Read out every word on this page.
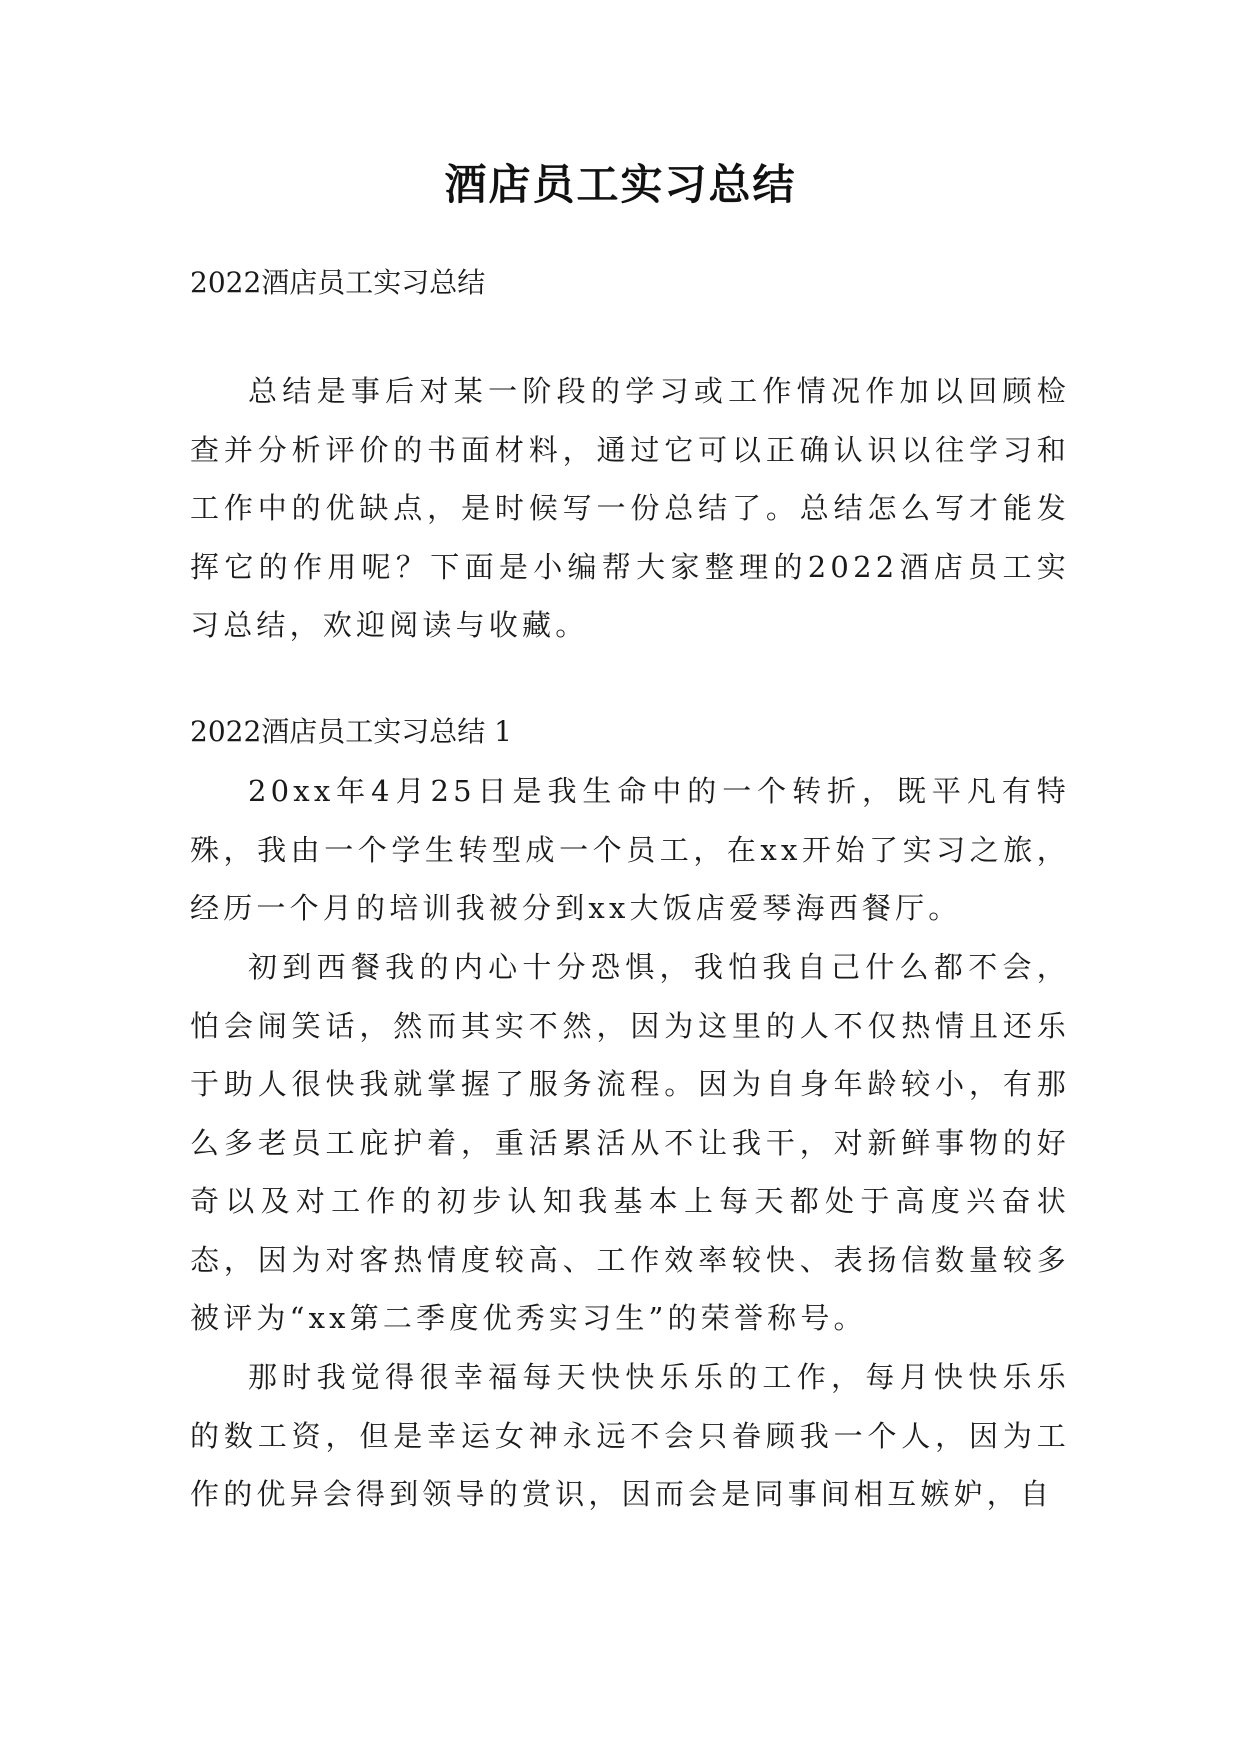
酒店员工实习总结
2022酒店员工实习总结

总结是事后对某一阶段的学习或工作情况作加以回顾检查并分析评价的书面材料，通过它可以正确认识以往学习和工作中的优缺点，是时候写一份总结了。总结怎么写才能发挥它的作用呢？下面是小编帮大家整理的2022酒店员工实习总结，欢迎阅读与收藏。

2022酒店员工实习总结 1

20xx年4月25日是我生命中的一个转折，既平凡有特殊，我由一个学生转型成一个员工，在xx开始了实习之旅，经历一个月的培训我被分到xx大饭店爱琴海西餐厅。

初到西餐我的内心十分恐惧，我怕我自己什么都不会，怕会闹笑话，然而其实不然，因为这里的人不仅热情且还乐于助人很快我就掌握了服务流程。因为自身年龄较小，有那么多老员工庇护着，重活累活从不让我干，对新鲜事物的好奇以及对工作的初步认知我基本上每天都处于高度兴奋状态，因为对客热情度较高、工作效率较快、表扬信数量较多被评为“xx第二季度优秀实习生”的荣誉称号。

那时我觉得很幸福每天快快乐乐的工作，每月快快乐乐的数工资，但是幸运女神永远不会只眷顾我一个人，因为工作的优异会得到领导的赏识，因而会是同事间相互嫉妒，自
